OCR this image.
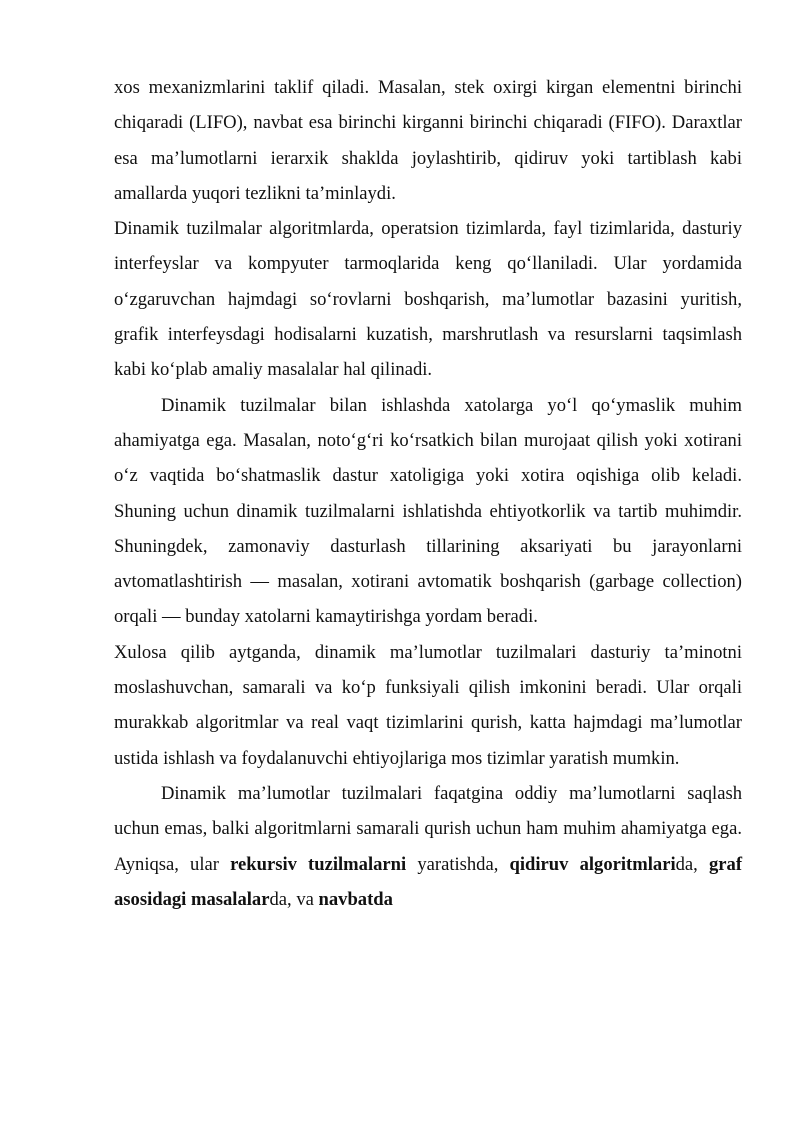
xos mexanizmlarini taklif qiladi. Masalan, stek oxirgi kirgan elementni birinchi chiqaradi (LIFO), navbat esa birinchi kirganni birinchi chiqaradi (FIFO). Daraxtlar esa ma’lumotlarni ierarxik shaklda joylashtirib, qidiruv yoki tartiblash kabi amallarda yuqori tezlikni ta’minlaydi.

Dinamik tuzilmalar algoritmlarda, operatsion tizimlarda, fayl tizimlarida, dasturiy interfeyslar va kompyuter tarmoqlarida keng qo‘llaniladi. Ular yordamida o‘zgaruvchan hajmdagi so‘rovlarni boshqarish, ma’lumotlar bazasini yuritish, grafik interfeysdagi hodisalarni kuzatish, marshrutlash va resurslarni taqsimlash kabi ko‘plab amaliy masalalar hal qilinadi.

Dinamik tuzilmalar bilan ishlashda xatolarga yo‘l qo‘ymaslik muhim ahamiyatga ega. Masalan, noto‘g‘ri ko‘rsatkich bilan murojaat qilish yoki xotirani o‘z vaqtida bo‘shatmaslik dastur xatoligiga yoki xotira oqishiga olib keladi. Shuning uchun dinamik tuzilmalarni ishlatishda ehtiyotkorlik va tartib muhimdir. Shuningdek, zamonaviy dasturlash tillarining aksariyati bu jarayonlarni avtomatlashtirish — masalan, xotirani avtomatik boshqarish (garbage collection) orqali — bunday xatolarni kamaytirishga yordam beradi.

Xulosa qilib aytganda, dinamik ma’lumotlar tuzilmalari dasturiy ta’minotni moslashuvchan, samarali va ko‘p funksiyali qilish imkonini beradi. Ular orqali murakkab algoritmlar va real vaqt tizimlarini qurish, katta hajmdagi ma’lumotlar ustida ishlash va foydalanuvchi ehtiyojlariga mos tizimlar yaratish mumkin.

Dinamik ma’lumotlar tuzilmalari faqatgina oddiy ma’lumotlarni saqlash uchun emas, balki algoritmlarni samarali qurish uchun ham muhim ahamiyatga ega. Ayniqsa, ular rekursiv tuzilmalarni yaratishda, qidiruv algoritmlarida, graf asosidagi masalalarda, va navbatda
